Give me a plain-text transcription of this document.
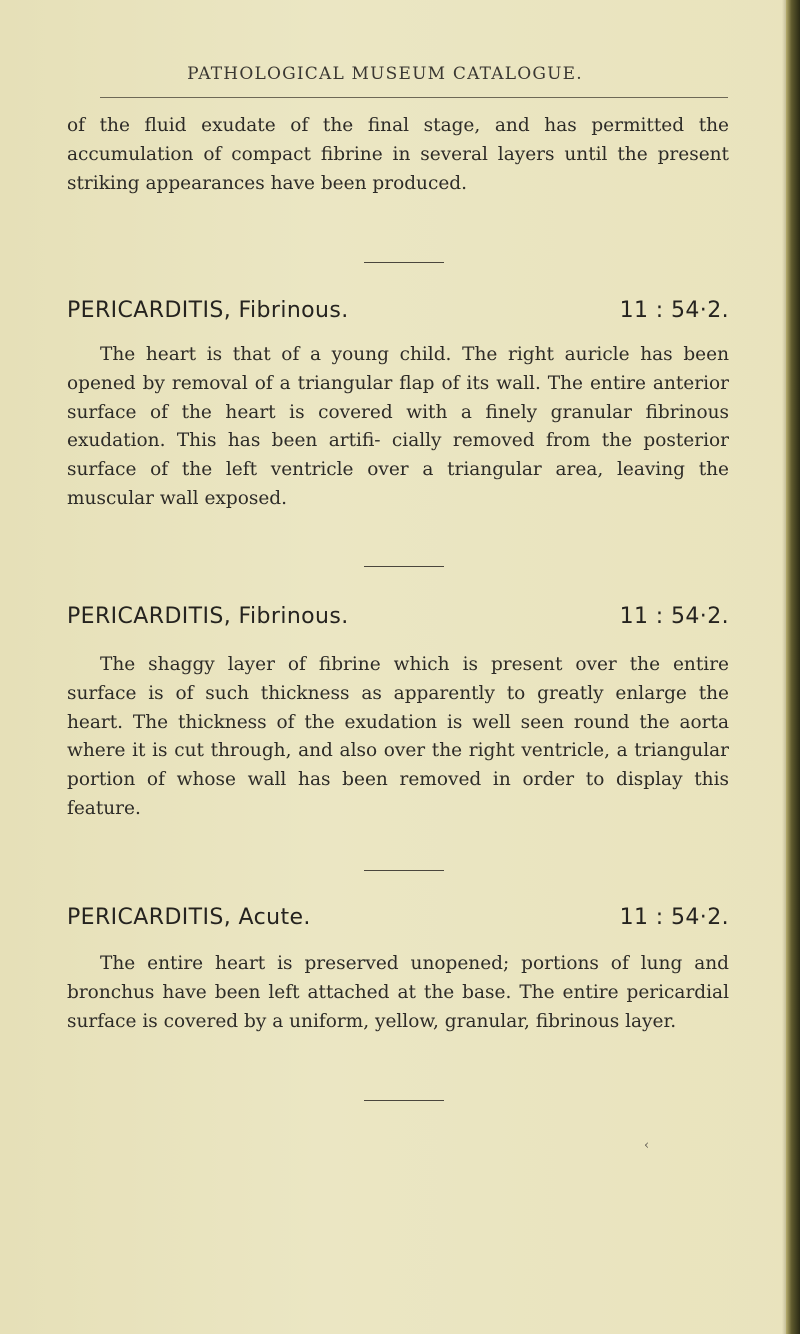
PATHOLOGICAL MUSEUM CATALOGUE.
of the fluid exudate of the final stage, and has permitted the accumulation of compact fibrine in several layers until the present striking appearances have been produced.
PERICARDITIS, Fibrinous.	11 : 54·2.
The heart is that of a young child. The right auricle has been opened by removal of a triangular flap of its wall. The entire anterior surface of the heart is covered with a finely granular fibrinous exudation. This has been artifi- cially removed from the posterior surface of the left ventricle over a triangular area, leaving the muscular wall exposed.
PERICARDITIS, Fibrinous.	11 : 54·2.
The shaggy layer of fibrine which is present over the entire surface is of such thickness as apparently to greatly enlarge the heart. The thickness of the exudation is well seen round the aorta where it is cut through, and also over the right ventricle, a triangular portion of whose wall has been removed in order to display this feature.
PERICARDITIS, Acute.	11 : 54·2.
The entire heart is preserved unopened; portions of lung and bronchus have been left attached at the base. The entire pericardial surface is covered by a uniform, yellow, granular, fibrinous layer.
‹
